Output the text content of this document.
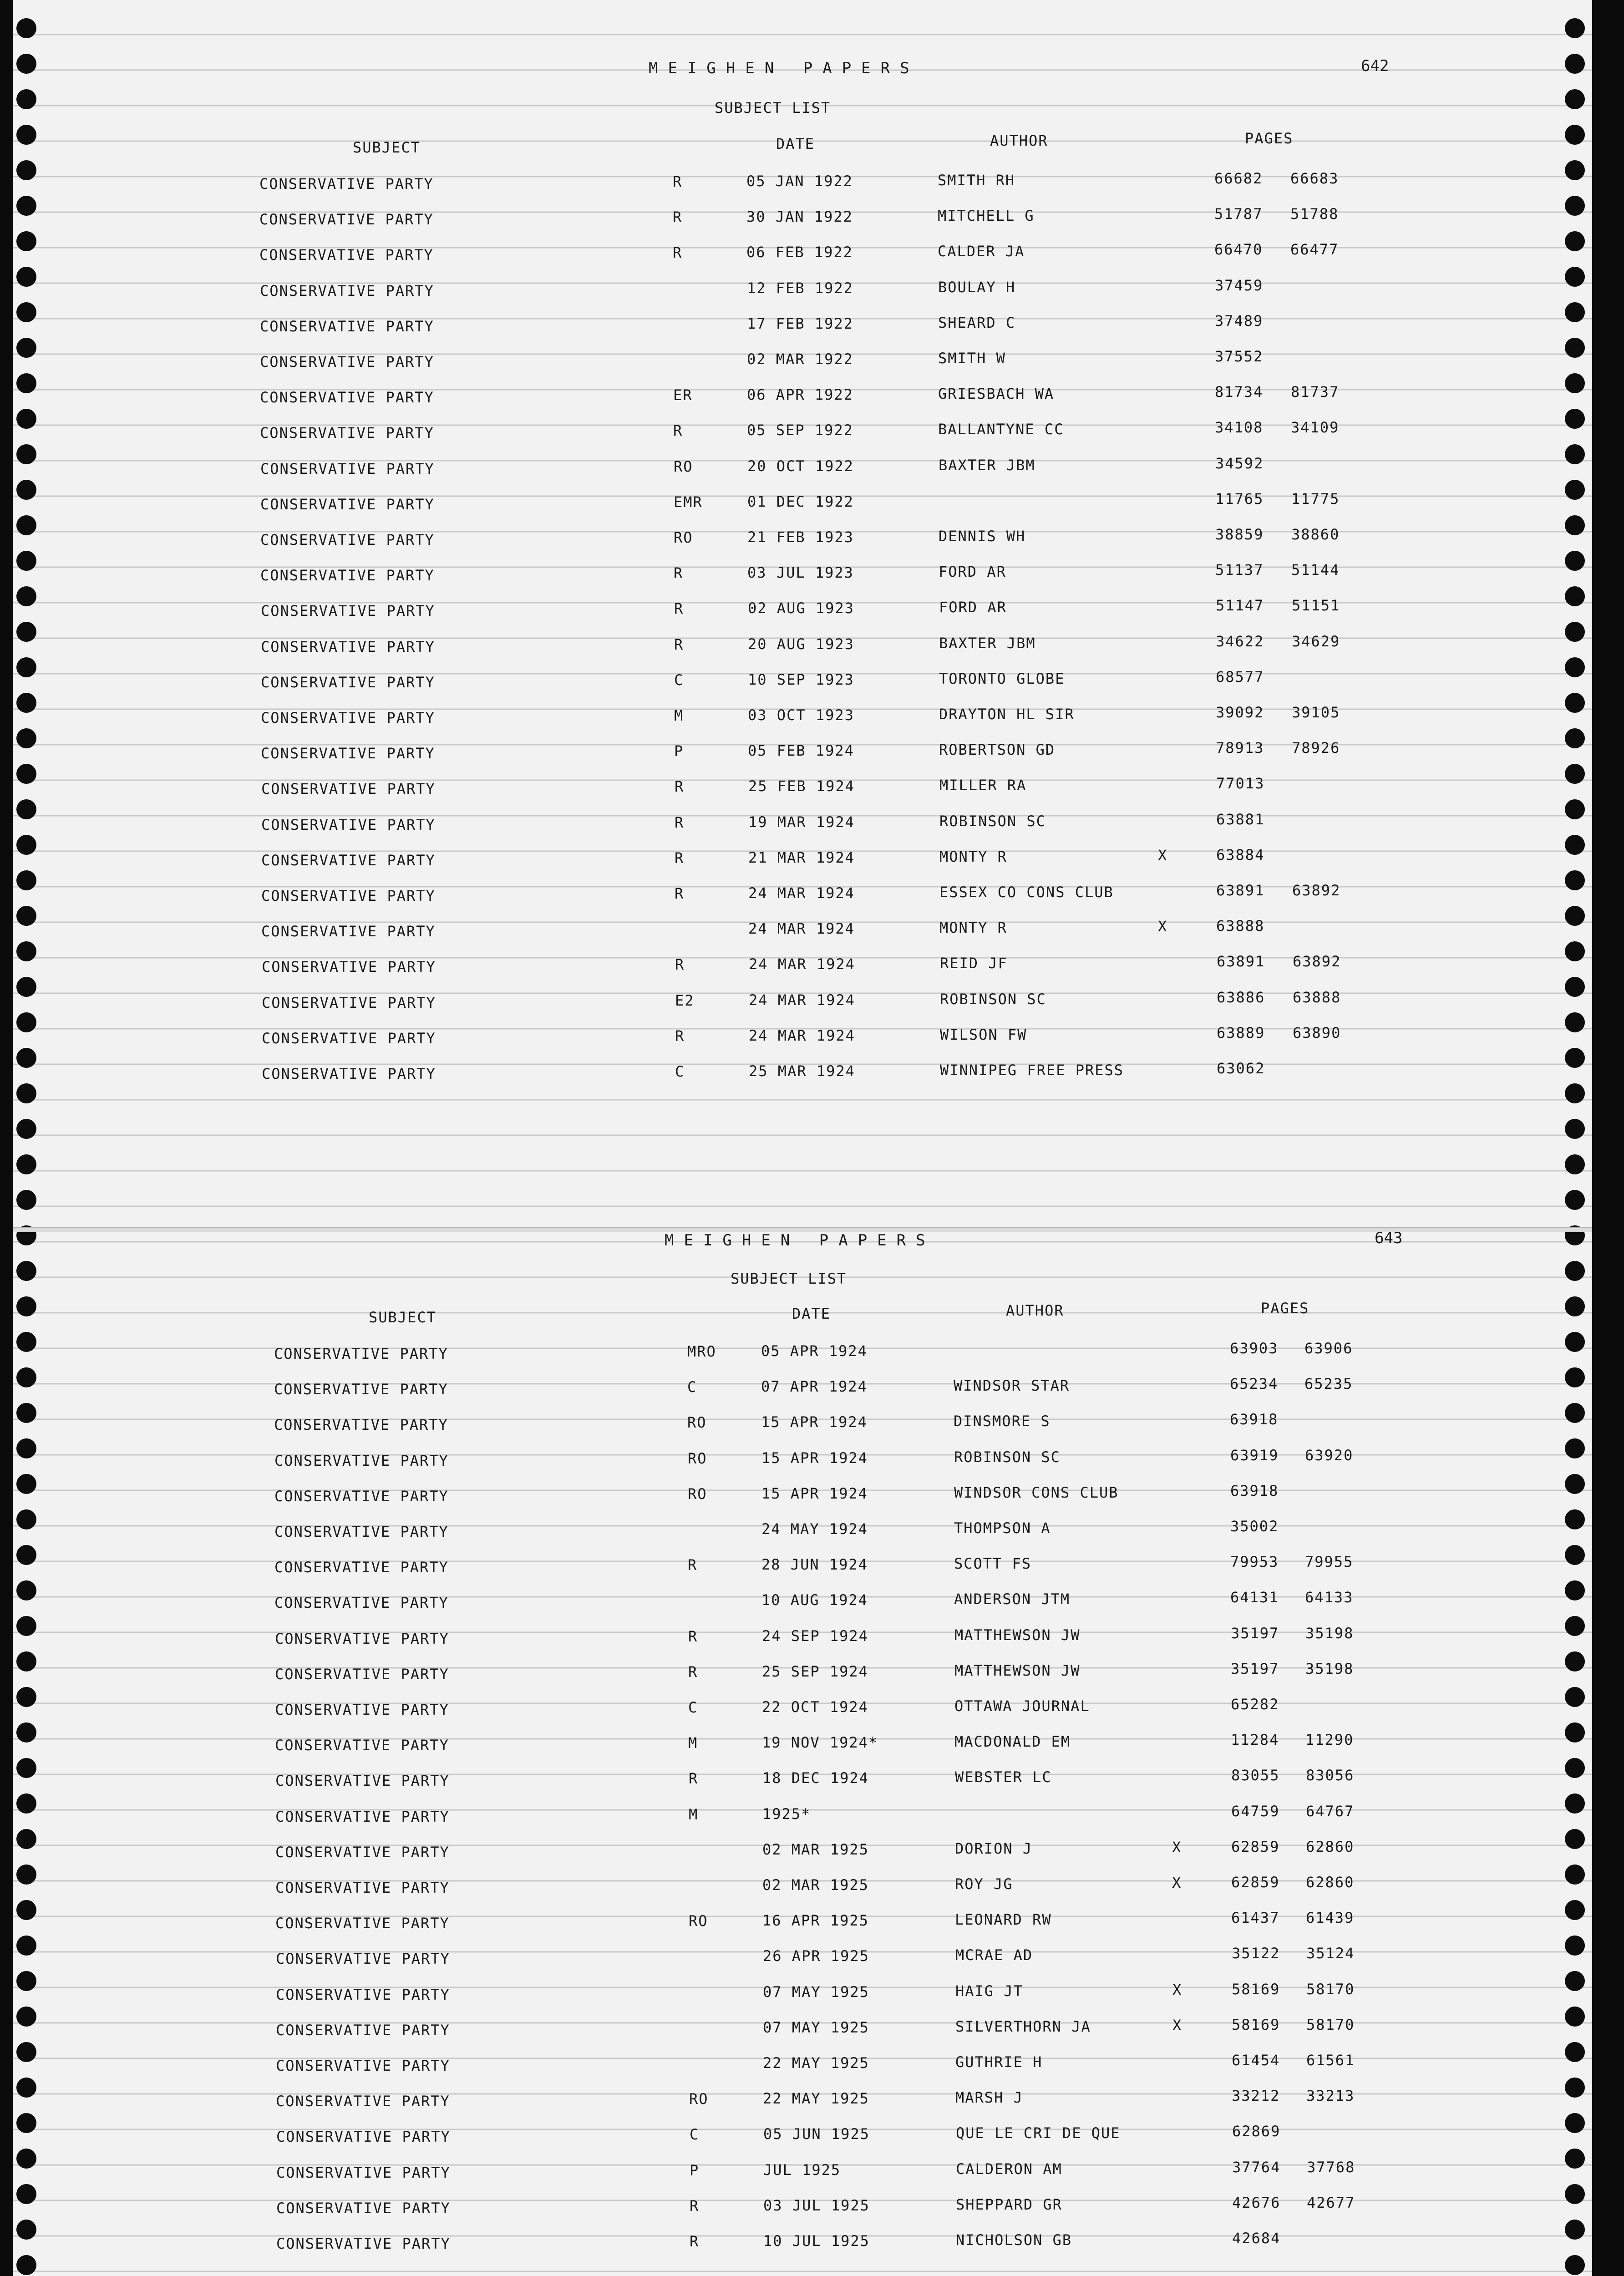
MEIGHEN PAPERS	642
SUBJECT LIST
SUBJECT	DATE	AUTHOR	PAGES
CONSERVATIVE PARTY	R	05 JAN 1922	SMITH RH	66682 66683
CONSERVATIVE PARTY	R	30 JAN 1922	MITCHELL G	51787 51788
CONSERVATIVE PARTY	R	06 FEB 1922	CALDER JA	66470 66477
CONSERVATIVE PARTY	12 FEB 1922	BOULAY H	37459
CONSERVATIVE PARTY	17 FEB 1922	SHEARD C	37489
CONSERVATIVE PARTY	02 MAR 1922	SMITH W	37552
CONSERVATIVE PARTY	ER	06 APR 1922	GRIESBACH WA	81734 81737
CONSERVATIVE PARTY	R	05 SEP 1922	BALLANTYNE CC	34108 34109
CONSERVATIVE PARTY	RO	20 OCT 1922	BAXTER JBM	34592
CONSERVATIVE PARTY	EMR	01 DEC 1922	11765 11775
CONSERVATIVE PARTY	RO	21 FEB 1923	DENNIS WH	38859 38860
CONSERVATIVE PARTY	R	03 JUL 1923	FORD AR	51137 51144
CONSERVATIVE PARTY	R	02 AUG 1923	FORD AR	51147 51151
CONSERVATIVE PARTY	R	20 AUG 1923	BAXTER JBM	34622 34629
CONSERVATIVE PARTY	C	10 SEP 1923	TORONTO GLOBE	68577
CONSERVATIVE PARTY	M	03 OCT 1923	DRAYTON HL SIR	39092 39105
CONSERVATIVE PARTY	P	05 FEB 1924	ROBERTSON GD	78913 78926
CONSERVATIVE PARTY	R	25 FEB 1924	MILLER RA	77013
CONSERVATIVE PARTY	R	19 MAR 1924	ROBINSON SC	63881
CONSERVATIVE PARTY	R	21 MAR 1924	MONTY R	X	63884
CONSERVATIVE PARTY	R	24 MAR 1924	ESSEX CO CONS CLUB	63891 63892
CONSERVATIVE PARTY	24 MAR 1924	MONTY R	X	63888
CONSERVATIVE PARTY	R	24 MAR 1924	REID JF	63891 63892
CONSERVATIVE PARTY	E2	24 MAR 1924	ROBINSON SC	63886 63888
CONSERVATIVE PARTY	R	24 MAR 1924	WILSON FW	63889 63890
CONSERVATIVE PARTY	C	25 MAR 1924	WINNIPEG FREE PRESS	63062
MEIGHEN PAPERS	643
SUBJECT LIST
SUBJECT	DATE	AUTHOR	PAGES
CONSERVATIVE PARTY	MRO	05 APR 1924	63903 63906
CONSERVATIVE PARTY	C	07 APR 1924	WINDSOR STAR	65234 65235
CONSERVATIVE PARTY	RO	15 APR 1924	DINSMORE S	63918
CONSERVATIVE PARTY	RO	15 APR 1924	ROBINSON SC	63919 63920
CONSERVATIVE PARTY	RO	15 APR 1924	WINDSOR CONS CLUB	63918
CONSERVATIVE PARTY	24 MAY 1924	THOMPSON A	35002
CONSERVATIVE PARTY	R	28 JUN 1924	SCOTT FS	79953 79955
CONSERVATIVE PARTY	10 AUG 1924	ANDERSON JTM	64131 64133
CONSERVATIVE PARTY	R	24 SEP 1924	MATTHEWSON JW	35197 35198
CONSERVATIVE PARTY	R	25 SEP 1924	MATTHEWSON JW	35197 35198
CONSERVATIVE PARTY	C	22 OCT 1924	OTTAWA JOURNAL	65282
CONSERVATIVE PARTY	M	19 NOV 1924*	MACDONALD EM	11284 11290
CONSERVATIVE PARTY	R	18 DEC 1924	WEBSTER LC	83055 83056
CONSERVATIVE PARTY	M	1925*	64759 64767
CONSERVATIVE PARTY	02 MAR 1925	DORION J	X	62859 62860
CONSERVATIVE PARTY	02 MAR 1925	ROY JG	X	62859 62860
CONSERVATIVE PARTY	RO	16 APR 1925	LEONARD RW	61437 61439
CONSERVATIVE PARTY	26 APR 1925	MCRAE AD	35122 35124
CONSERVATIVE PARTY	07 MAY 1925	HAIG JT	X	58169 58170
CONSERVATIVE PARTY	07 MAY 1925	SILVERTHORN JA	X	58169 58170
CONSERVATIVE PARTY	22 MAY 1925	GUTHRIE H	61454 61561
CONSERVATIVE PARTY	RO	22 MAY 1925	MARSH J	33212 33213
CONSERVATIVE PARTY	C	05 JUN 1925	QUE LE CRI DE QUE	62869
CONSERVATIVE PARTY	P	JUL 1925	CALDERON AM	37764 37768
CONSERVATIVE PARTY	R	03 JUL 1925	SHEPPARD GR	42676 42677
CONSERVATIVE PARTY	R	10 JUL 1925	NICHOLSON GB	42684
